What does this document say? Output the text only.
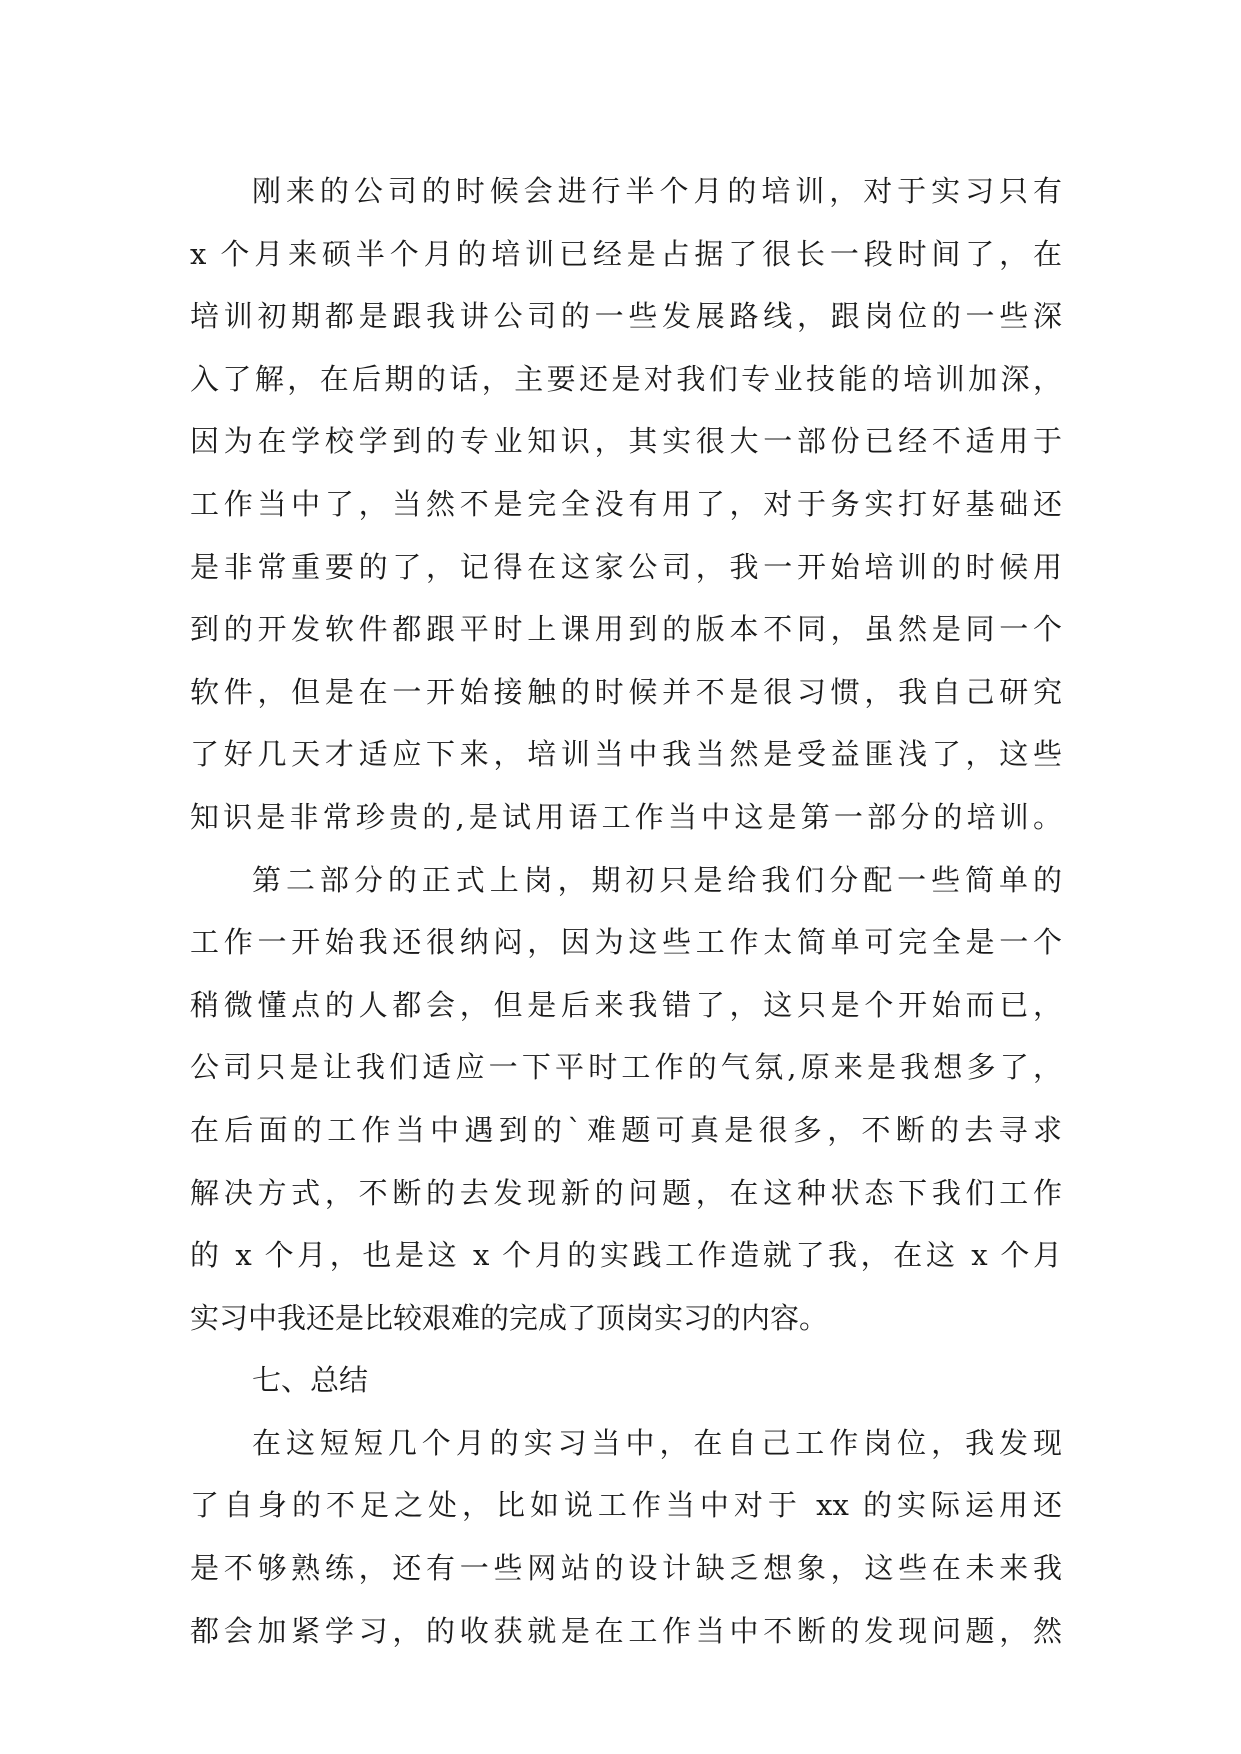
刚来的公司的时候会进行半个月的培训，对于实习只有
x 个月来硕半个月的培训已经是占据了很长一段时间了，在
培训初期都是跟我讲公司的一些发展路线，跟岗位的一些深
入了解，在后期的话，主要还是对我们专业技能的培训加深，
因为在学校学到的专业知识，其实很大一部份已经不适用于
工作当中了，当然不是完全没有用了，对于务实打好基础还
是非常重要的了，记得在这家公司，我一开始培训的时候用
到的开发软件都跟平时上课用到的版本不同，虽然是同一个
软件，但是在一开始接触的时候并不是很习惯，我自己研究
了好几天才适应下来，培训当中我当然是受益匪浅了，这些
知识是非常珍贵的,是试用语工作当中这是第一部分的培训。
第二部分的正式上岗，期初只是给我们分配一些简单的
工作一开始我还很纳闷，因为这些工作太简单可完全是一个
稍微懂点的人都会，但是后来我错了，这只是个开始而已，
公司只是让我们适应一下平时工作的气氛,原来是我想多了，
在后面的工作当中遇到的`难题可真是很多，不断的去寻求
解决方式，不断的去发现新的问题，在这种状态下我们工作
的 x 个月，也是这 x 个月的实践工作造就了我，在这 x 个月
实习中我还是比较艰难的完成了顶岗实习的内容。
七、总结
在这短短几个月的实习当中，在自己工作岗位，我发现
了自身的不足之处，比如说工作当中对于 xx 的实际运用还
是不够熟练，还有一些网站的设计缺乏想象，这些在未来我
都会加紧学习，的收获就是在工作当中不断的发现问题，然
